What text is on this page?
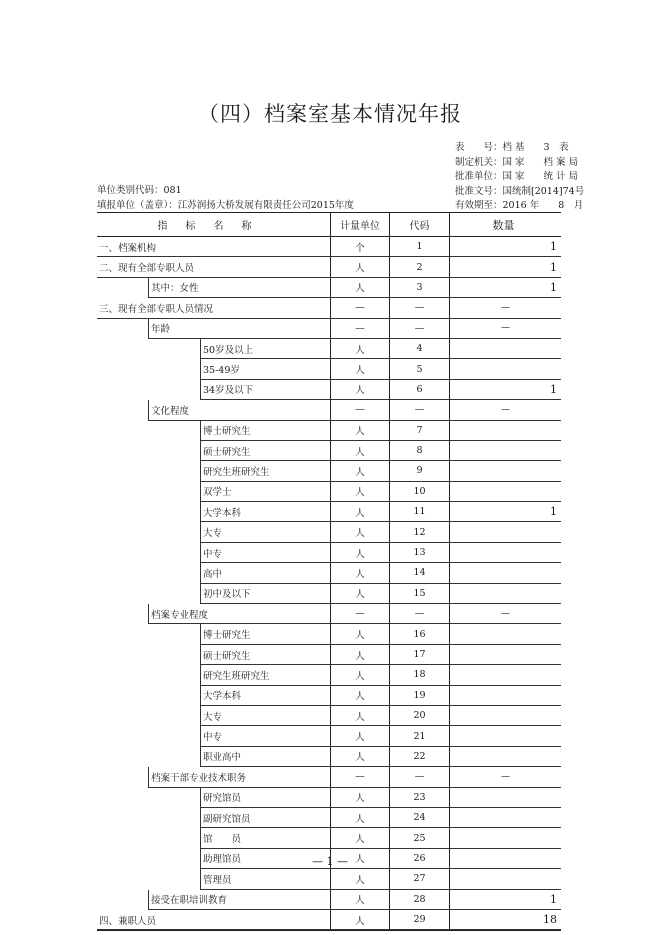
（四）档案室基本情况年报
表　　号： 档 基　　3　表
制定机关： 国 家　　档 案 局
批准单位： 国 家　　统 计 局
批准文号： 国统制[2014]74号
有效期至： 2016 年　　8　月
单位类别代码：081
填报单位（盖章）：江苏润扬大桥发展有限责任公司2015年度
指标名称	计量单位	代码	数量
一、档案机构	个	1	1
二、现有全部专职人员	人	2	1
其中：女性	人	3	1
三、现有全部专职人员情况	—	—	—
年龄	—	—	—
50岁及以上	人	4
35-49岁	人	5
34岁及以下	人	6	1
文化程度	—	—	—
博士研究生	人	7
硕士研究生	人	8
研究生班研究生	人	9
双学士	人	10
大学本科	人	11	1
大专	人	12
中专	人	13
高中	人	14
初中及以下	人	15
档案专业程度	—	—	—
博士研究生	人	16
硕士研究生	人	17
研究生班研究生	人	18
大学本科	人	19
大专	人	20
中专	人	21
职业高中	人	22
档案干部专业技术职务	—	—	—
研究馆员	人	23
副研究馆员	人	24
馆　　员	人	25
助理馆员	人	26
管理员	人	27
接受在职培训教育	人	28	1
四、兼职人员	人	29	18
— 1 —
